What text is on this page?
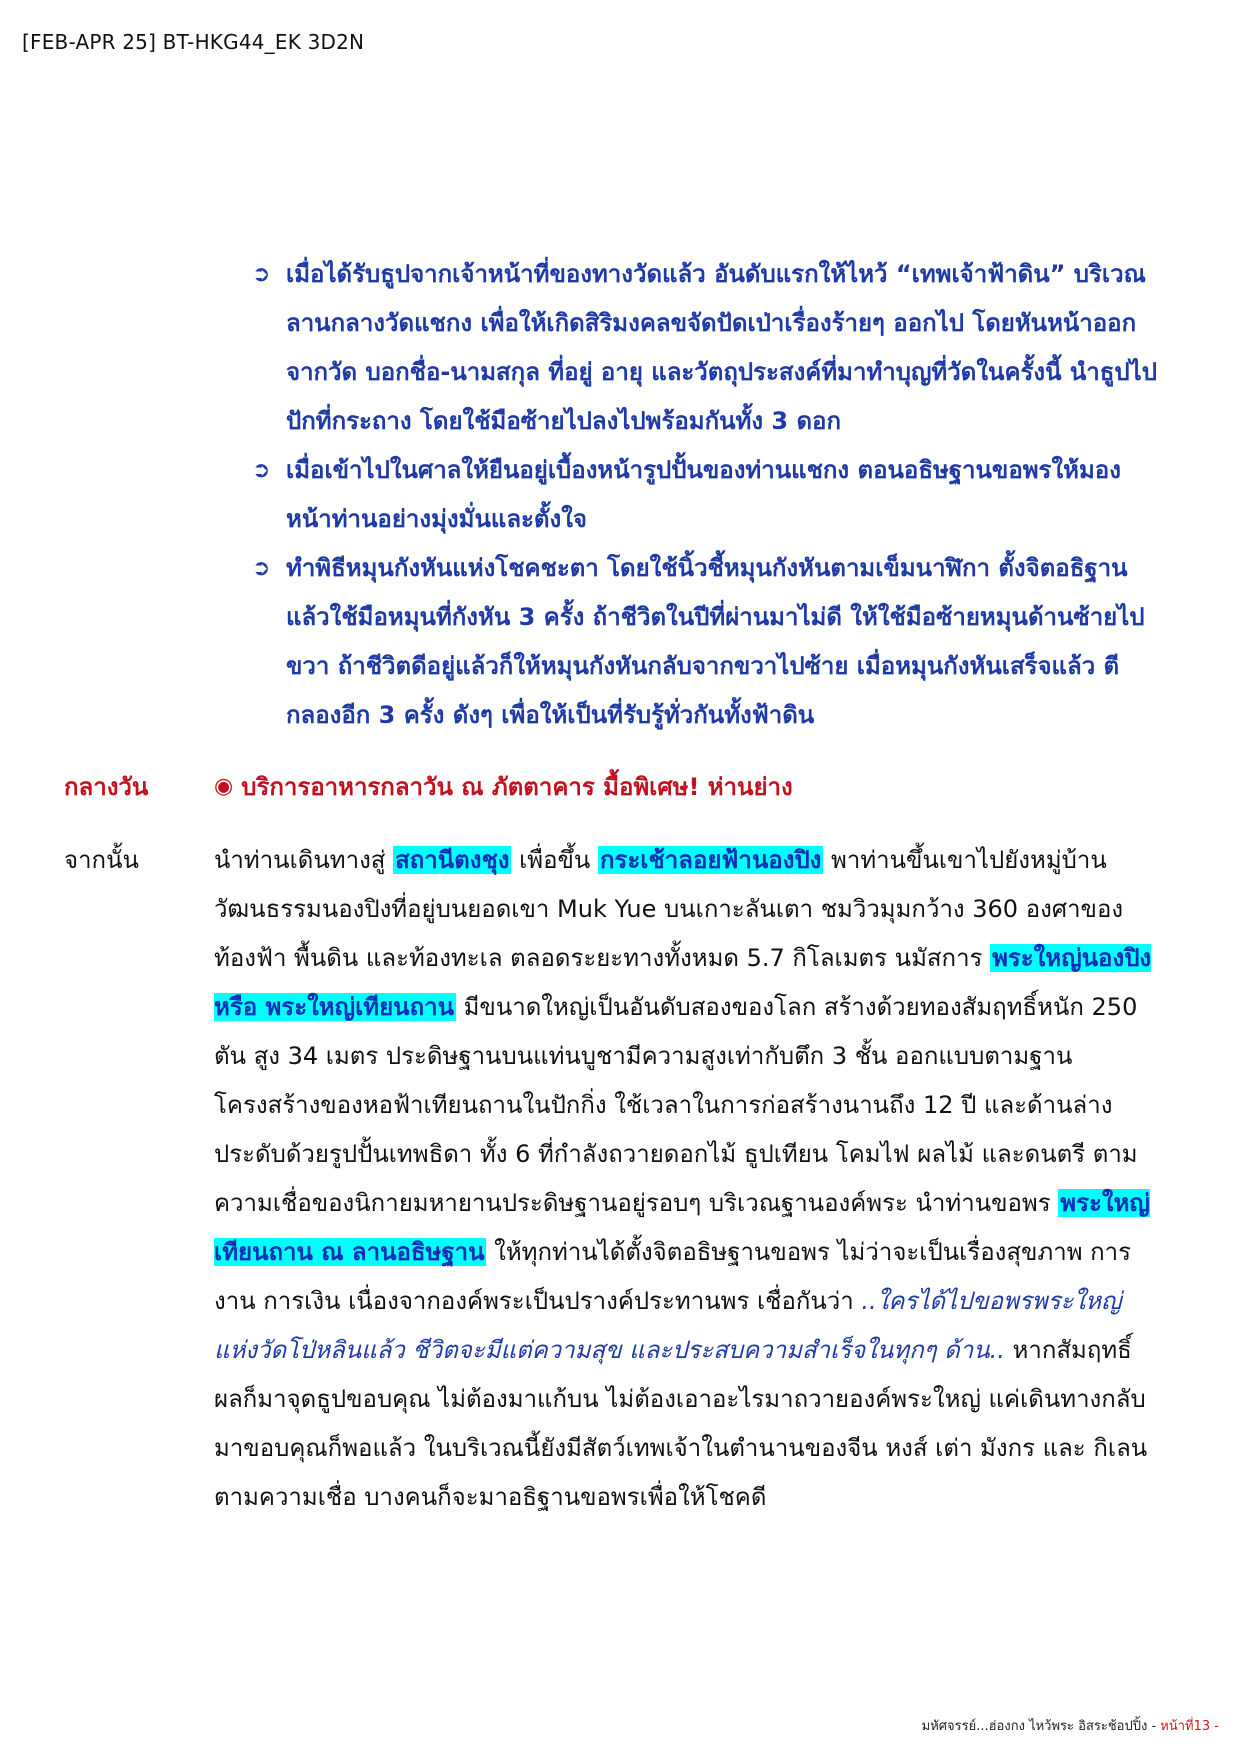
[FEB-APR 25] BT-HKG44_EK 3D2N
➲ เมื่อได้รับธูปจากเจ้าหน้าที่ของทางวัดแล้ว อันดับแรกให้ไหว้ “เทพเจ้าฟ้าดิน” บริเวณลานกลางวัดแชกง เพื่อให้เกิดสิริมงคลขจัดปัดเป่าเรื่องร้ายๆ ออกไป โดยหันหน้าออกจากวัด บอกชื่อ-นามสกุล ที่อยู่ อายุ และวัตถุประสงค์ที่มาทำบุญที่วัดในครั้งนี้ นำธูปไปปักที่กระถาง โดยใช้มือซ้ายไปลงไปพร้อมกันทั้ง 3 ดอก
➲ เมื่อเข้าไปในศาลให้ยืนอยู่เบื้องหน้ารูปปั้นของท่านแชกง ตอนอธิษฐานขอพรให้มองหน้าท่านอย่างมุ่งมั่นและตั้งใจ
➲ ทำพิธีหมุนกังหันแห่งโชคชะตา โดยใช้นิ้วชี้หมุนกังหันตามเข็มนาฬิกา ตั้งจิตอธิฐานแล้วใช้มือหมุนที่กังหัน 3 ครั้ง ถ้าชีวิตในปีที่ผ่านมาไม่ดี ให้ใช้มือซ้ายหมุนด้านซ้ายไปขวา ถ้าชีวิตดีอยู่แล้วก็ให้หมุนกังหันกลับจากขวาไปซ้าย เมื่อหมุนกังหันเสร็จแล้ว ตีกลองอีก 3 ครั้ง ดังๆ เพื่อให้เป็นที่รับรู้ทั่วกันทั้งฟ้าดิน
กลางวัน	◉ บริการอาหารกลาวัน ณ ภัตตาคาร มื้อพิเศษ! ห่านย่าง
จากนั้น	นำท่านเดินทางสู่ สถานีตงชุง เพื่อขึ้น กระเช้าลอยฟ้านองปิง พาท่านขึ้นเขาไปยังหมู่บ้านวัฒนธรรมนองปิงที่อยู่บนยอดเขา Muk Yue บนเกาะลันเตา ชมวิวมุมกว้าง 360 องศาของท้องฟ้า พื้นดิน และท้องทะเล ตลอดระยะทางทั้งหมด 5.7 กิโลเมตร นมัสการ พระใหญ่นองปิง หรือ พระใหญ่เทียนถาน มีขนาดใหญ่เป็นอันดับสองของโลก สร้างด้วยทองสัมฤทธิ์หนัก 250 ตัน สูง 34 เมตร ประดิษฐานบนแท่นบูชามีความสูงเท่ากับตึก 3 ชั้น ออกแบบตามฐานโครงสร้างของหอฟ้าเทียนถานในปักกิ่ง ใช้เวลาในการก่อสร้างนานถึง 12 ปี และด้านล่างประดับด้วยรูปปั้นเทพธิดา ทั้ง 6 ที่กำลังถวายดอกไม้ ธูปเทียน โคมไฟ ผลไม้ และดนตรี ตามความเชื่อของนิกายมหายานประดิษฐานอยู่รอบๆ บริเวณฐานองค์พระ นำท่านขอพร พระใหญ่เทียนถาน ณ ลานอธิษฐาน ให้ทุกท่านได้ตั้งจิตอธิษฐานขอพร ไม่ว่าจะเป็นเรื่องสุขภาพ การงาน การเงิน เนื่องจากองค์พระเป็นปรางค์ประทานพร เชื่อกันว่า ..ใครได้ไปขอพรพระใหญ่แห่งวัดโป่หลินแล้ว ชีวิตจะมีแต่ความสุข และประสบความสำเร็จในทุกๆ ด้าน.. หากสัมฤทธิ์ผลก็มาจุดธูปขอบคุณ ไม่ต้องมาแก้บน ไม่ต้องเอาอะไรมาถวายองค์พระใหญ่ แค่เดินทางกลับมาขอบคุณก็พอแล้ว ในบริเวณนี้ยังมีสัตว์เทพเจ้าในตำนานของจีน หงส์ เต่า มังกร และ กิเลน ตามความเชื่อ บางคนก็จะมาอธิฐานขอพรเพื่อให้โชคดี
มหัศจรรย์...ฮ่องกง ไหว้พระ อิสระช้อปปิ้ง - หน้าที่13 -
